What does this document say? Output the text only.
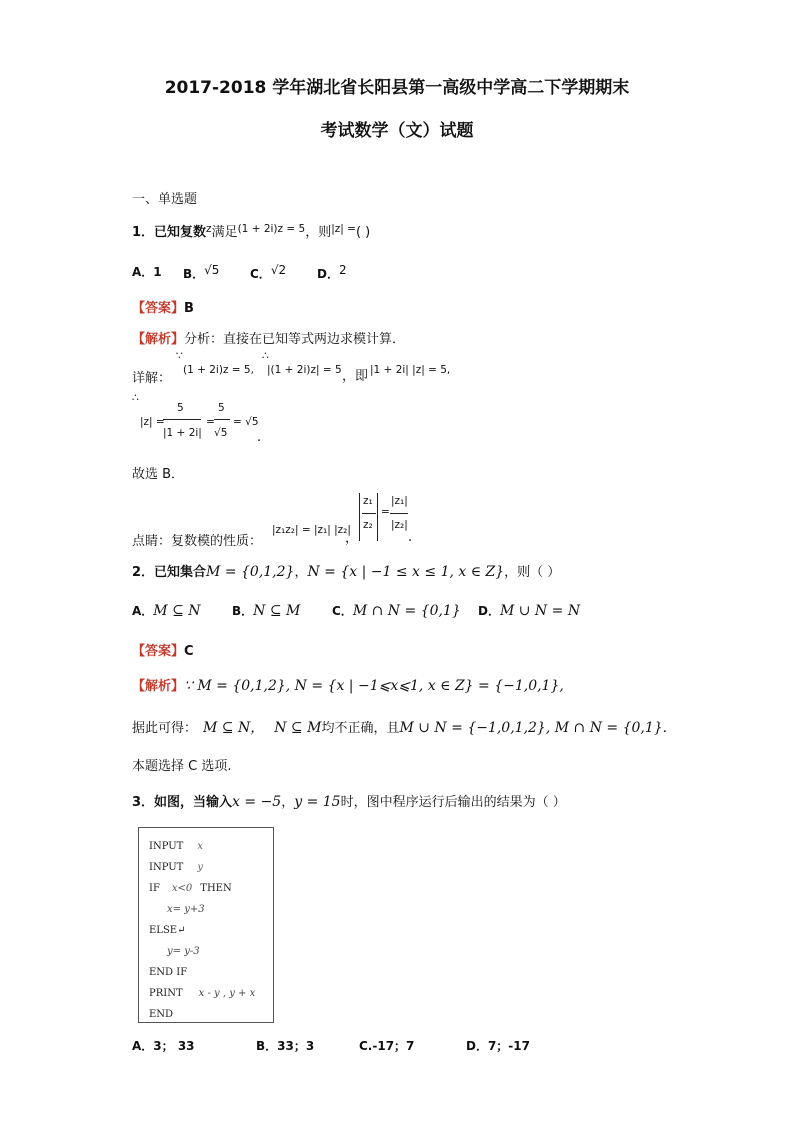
2017-2018 学年湖北省长阳县第一高级中学高二下学期期末
考试数学（文）试题
一、单选题
1．已知复数$^z$满足$^{(1 + 2i)z = 5}$，则$^{|z| =}$( )
A．1 B．√5	C．√2	D．2
【答案】B
【解析】分析：直接在已知等式两边求模计算．
∵	∴
详解：
(1 + 2i)z = 5, |(1 + 2i)z| = 5 ，即 |1 + 2i| |z| = 5,
∴
|z| =
5
|1 + 2i|
=
5
√5
= √5
.
故选 B．
点睛：复数模的性质：
|z₁z₂| = |z₁| |z₂|
，
z₁
z₂
=
|z₁|
|z₂|
.
2．已知集合M = {0,1,2}，N = {x | −1 ≤ x ≤ 1, x ∈ Z}，则（ ）
A．M ⊆ N	B．N ⊆ M	C．M ∩ N = {0,1} D．M ∪ N = N
【答案】C
【解析】∵ M = {0,1,2}, N = {x | −1⩽x⩽1, x ∈ Z} = {−1,0,1},
据此可得： M ⊆ N， N ⊆ M均不正确，且M ∪ N = {−1,0,1,2}, M ∩ N = {0,1}.
本题选择 C 选项.
3．如图，当输入x = −5，y = 15时，图中程序运行后输出的结果为（ ）
INPUT x
INPUT y
IF x<0 THEN
x= y+3
ELSE↵
y= y-3
END IF
PRINT x - y , y + x
END
A．3； 33	B．33；3	C.-17；7	D．7；-17
